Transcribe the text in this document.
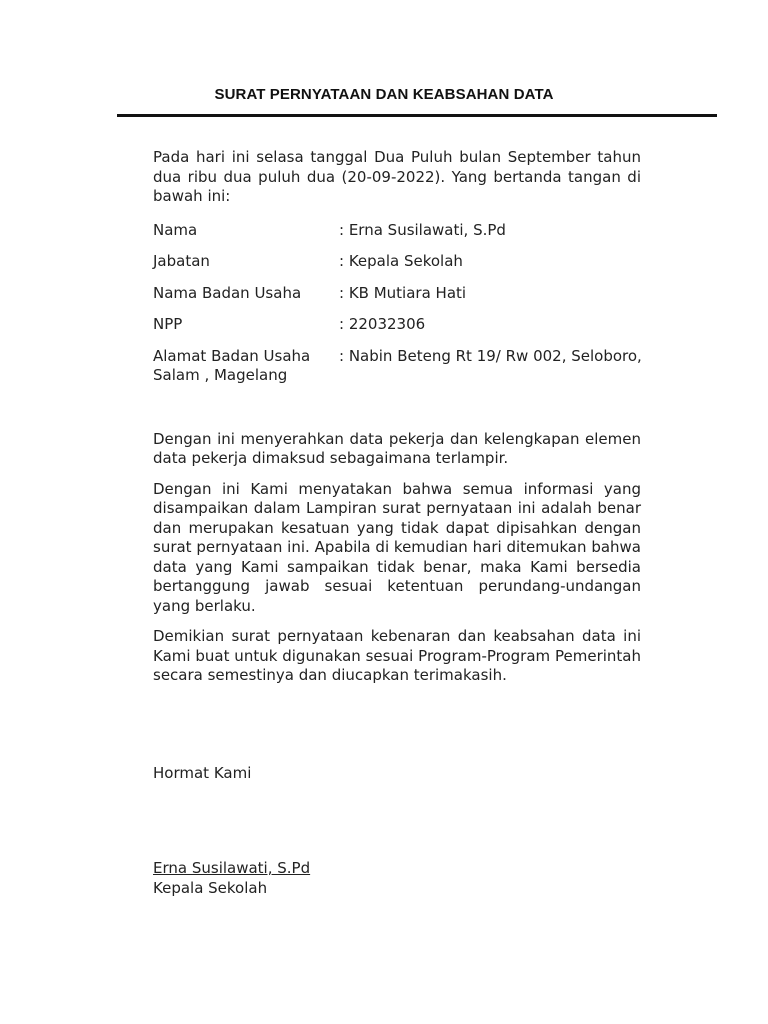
SURAT PERNYATAAN DAN KEABSAHAN DATA

Pada hari ini selasa tanggal Dua Puluh bulan September tahun dua ribu dua puluh dua (20-09-2022). Yang bertanda tangan di bawah ini:

Nama	: Erna Susilawati, S.Pd
Jabatan	: Kepala Sekolah
Nama Badan Usaha	: KB Mutiara Hati
NPP	: 22032306
Alamat Badan Usaha	: Nabin Beteng Rt 19/ Rw 002, Seloboro,

Salam , Magelang

Dengan ini menyerahkan data pekerja dan kelengkapan elemen data pekerja dimaksud sebagaimana terlampir.

Dengan ini Kami menyatakan bahwa semua informasi yang disampaikan dalam Lampiran surat pernyataan ini adalah benar dan merupakan kesatuan yang tidak dapat dipisahkan dengan surat pernyataan ini. Apabila di kemudian hari ditemukan bahwa data yang Kami sampaikan tidak benar, maka Kami bersedia bertanggung jawab sesuai ketentuan perundang-undangan yang berlaku.

Demikian surat pernyataan kebenaran dan keabsahan data ini Kami buat untuk digunakan sesuai Program-Program Pemerintah secara semestinya dan diucapkan terimakasih.

Hormat Kami
Erna Susilawati, S.Pd
Kepala Sekolah
